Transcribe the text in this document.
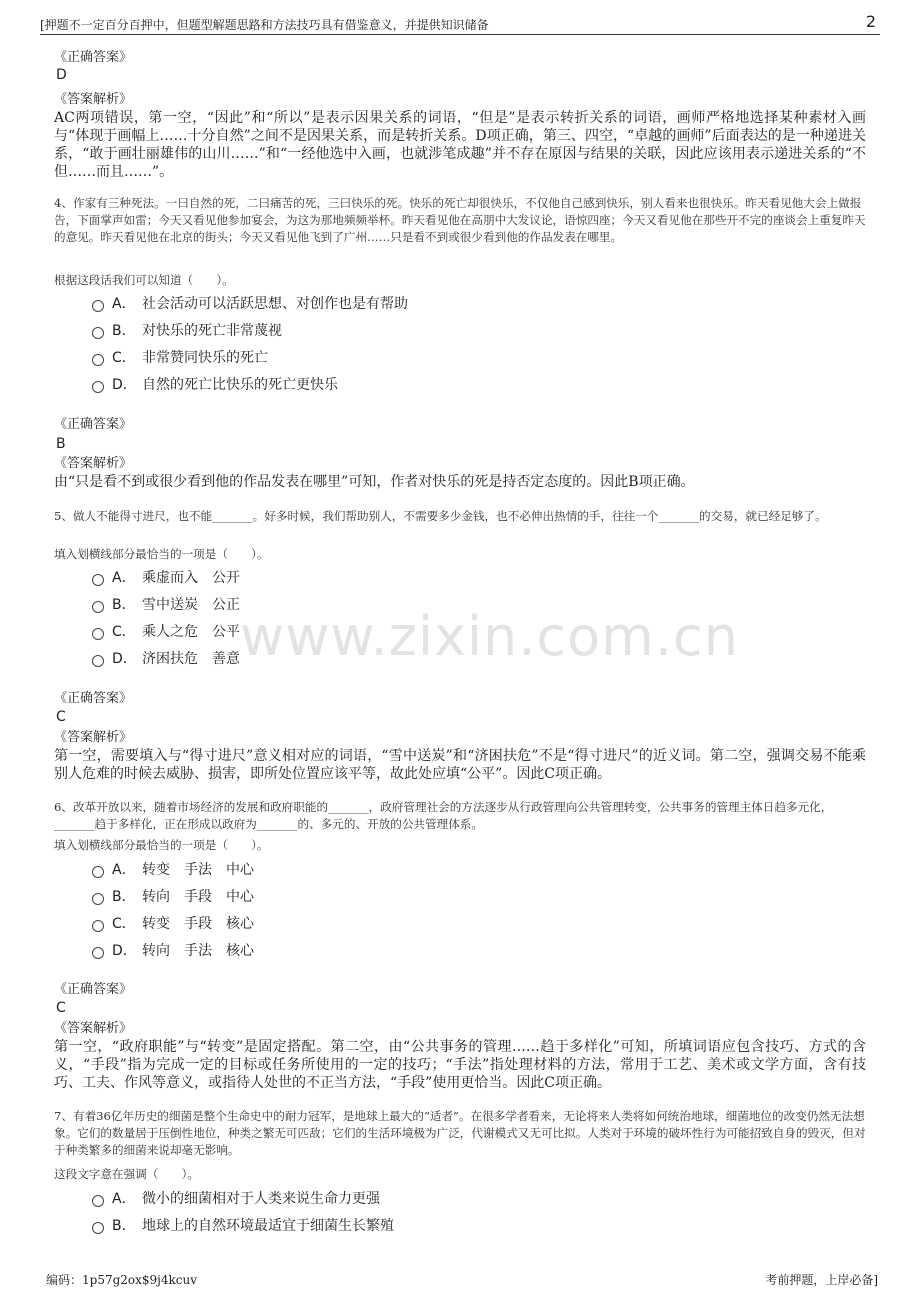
[押题不一定百分百押中，但题型解题思路和方法技巧具有借鉴意义，并提供知识储备	2
www.zixin.com.cn
《正确答案》
D
《答案解析》
AC两项错误，第一空，“因此”和“所以”是表示因果关系的词语，“但是”是表示转折关系的词语，画师严格地选择某种素材入画与“体现于画幅上……十分自然”之间不是因果关系，而是转折关系。D项正确，第三、四空，“卓越的画师”后面表达的是一种递进关系，“敢于画壮丽雄伟的山川……”和“一经他选中入画，也就涉笔成趣”并不存在原因与结果的关联，因此应该用表示递进关系的“不但……而且……”。
4、作家有三种死法。一曰自然的死，二曰痛苦的死，三曰快乐的死。快乐的死亡却很快乐，不仅他自己感到快乐，别人看来也很快乐。昨天看见他大会上做报告，下面掌声如雷；今天又看见他参加宴会，为这为那地频频举杯。昨天看见他在高朋中大发议论，语惊四座；今天又看见他在那些开不完的座谈会上重复昨天的意见。昨天看见他在北京的街头；今天又看见他飞到了广州……只是看不到或很少看到他的作品发表在哪里。
根据这段话我们可以知道（　　）。
A． 社会活动可以活跃思想、对创作也是有帮助
B． 对快乐的死亡非常蔑视
C． 非常赞同快乐的死亡
D． 自然的死亡比快乐的死亡更快乐
《正确答案》
B
《答案解析》
由“只是看不到或很少看到他的作品发表在哪里”可知，作者对快乐的死是持否定态度的。因此B项正确。
5、做人不能得寸进尺，也不能_______。好多时候，我们帮助别人，不需要多少金钱，也不必伸出热情的手，往往一个_______的交易，就已经足够了。
填入划横线部分最恰当的一项是（　　）。
A． 乘虚而入　公开
B． 雪中送炭　公正
C． 乘人之危　公平
D． 济困扶危　善意
《正确答案》
C
《答案解析》
第一空，需要填入与“得寸进尺”意义相对应的词语，“雪中送炭”和“济困扶危”不是“得寸进尺”的近义词。第二空，强调交易不能乘别人危难的时候去威胁、损害，即所处位置应该平等，故此处应填“公平”。因此C项正确。
6、改革开放以来，随着市场经济的发展和政府职能的_______，政府管理社会的方法逐步从行政管理向公共管理转变，公共事务的管理主体日趋多元化，_______趋于多样化，正在形成以政府为_______的、多元的、开放的公共管理体系。
填入划横线部分最恰当的一项是（　　）。
A． 转变　手法　中心
B． 转向　手段　中心
C． 转变　手段　核心
D． 转向　手法　核心
《正确答案》
C
《答案解析》
第一空，“政府职能”与“转变”是固定搭配。第二空，由“公共事务的管理……趋于多样化”可知，所填词语应包含技巧、方式的含义，“手段”指为完成一定的目标或任务所使用的一定的技巧；“手法”指处理材料的方法，常用于工艺、美术或文学方面，含有技巧、工夫、作风等意义，或指待人处世的不正当方法，“手段”使用更恰当。因此C项正确。
7、有着36亿年历史的细菌是整个生命史中的耐力冠军，是地球上最大的“适者”。在很多学者看来，无论将来人类将如何统治地球，细菌地位的改变仍然无法想象。它们的数量居于压倒性地位，种类之繁无可匹敌；它们的生活环境极为广泛，代谢模式又无可比拟。人类对于环境的破坏性行为可能招致自身的毁灭，但对于种类繁多的细菌来说却毫无影响。
这段文字意在强调（　　）。
A． 微小的细菌相对于人类来说生命力更强
B． 地球上的自然环境最适宜于细菌生长繁殖
编码：1p57g2ox$9j4kcuv	考前押题，上岸必备]
